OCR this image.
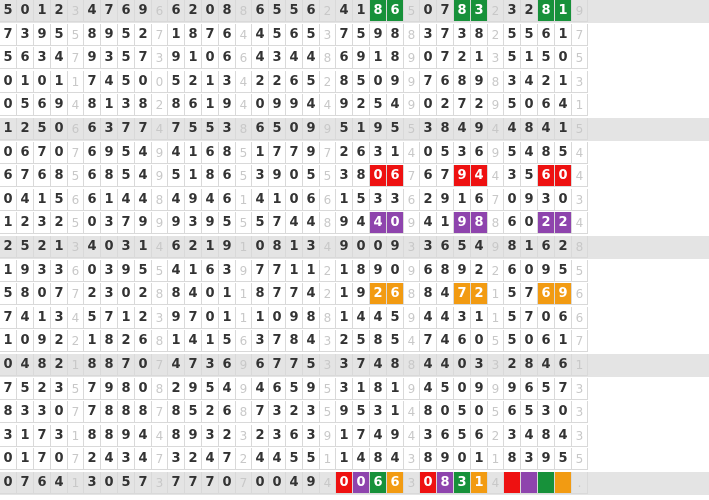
5 0 1 2 3 4 7 6 9 6 6 2 0 8 8 6 5 5 6 2 4 1 8 6 5 0 7 8 3 2 3 2 8 1 9
7 3 9 5 5 8 9 5 2 7 1 8 7 6 4 4 5 6 5 3 7 5 9 8 8 3 7 3 8 2 5 5 6 1 7
5 6 3 4 7 9 3 5 7 3 9 1 0 6 6 4 3 4 4 8 6 9 1 8 9 0 7 2 1 3 5 1 5 0 5
0 1 0 1 1 7 4 5 0 0 5 2 1 3 4 2 2 6 5 2 8 5 0 9 9 7 6 8 9 8 3 4 2 1 3
0 5 6 9 4 8 1 3 8 2 8 6 1 9 4 0 9 9 4 4 9 2 5 4 9 0 2 7 2 9 5 0 6 4 1
1 2 5 0 6 6 3 7 7 4 7 5 5 3 8 6 5 0 9 9 5 1 9 5 5 3 8 4 9 4 4 8 4 1 5
0 6 7 0 7 6 9 5 4 9 4 1 6 8 5 1 7 7 9 7 2 6 3 1 4 0 5 3 6 9 5 4 8 5 4
6 7 6 8 5 6 8 5 4 9 5 1 8 6 5 3 9 0 5 5 3 8 0 6 7 6 7 9 4 4 3 5 6 0 4
0 4 1 5 6 6 1 4 4 8 4 9 4 6 1 4 1 0 6 6 1 5 3 3 6 2 9 1 6 7 0 9 3 0 3
1 2 3 2 5 0 3 7 9 9 9 3 9 5 5 5 7 4 4 8 9 4 4 0 9 4 1 9 8 8 6 0 2 2 4
2 5 2 1 3 4 0 3 1 4 6 2 1 9 1 0 8 1 3 4 9 0 0 9 3 3 6 5 4 9 8 1 6 2 8
1 9 3 3 6 0 3 9 5 5 4 1 6 3 9 7 7 1 1 2 1 8 9 0 9 6 8 9 2 2 6 0 9 5 5
5 8 0 7 7 2 3 0 2 8 8 4 0 1 1 8 7 7 4 2 1 9 2 6 8 8 4 7 2 1 5 7 6 9 6
7 4 1 3 4 5 7 1 2 3 9 7 0 1 1 1 0 9 8 8 1 4 4 5 9 4 4 3 1 1 5 7 0 6 6
1 0 9 2 2 1 8 2 6 8 1 4 1 5 6 3 7 8 4 3 2 5 8 5 4 7 4 6 0 5 5 0 6 1 7
0 4 8 2 1 8 8 7 0 7 4 7 3 6 9 6 7 7 5 3 3 7 4 8 8 4 4 0 3 3 2 8 4 6 1
7 5 2 3 5 7 9 8 0 8 2 9 5 4 9 4 6 5 9 5 3 1 8 1 9 4 5 0 9 9 9 6 5 7 3
8 3 3 0 7 7 8 8 8 7 8 5 2 6 8 7 3 2 3 5 9 5 3 1 4 8 0 5 0 5 6 5 3 0 3
3 1 7 3 1 8 8 9 4 4 8 9 3 2 3 2 3 6 3 9 1 7 4 9 4 3 6 5 6 2 3 4 8 4 3
0 1 7 0 7 2 4 3 4 7 3 2 4 7 2 4 4 5 5 1 1 4 8 4 3 8 9 0 1 1 8 3 9 5 5
0 7 6 4 1 3 0 5 7 3 7 7 7 0 7 0 0 4 9 4 0 0 6 6 3 0 8 3 1 4	.
